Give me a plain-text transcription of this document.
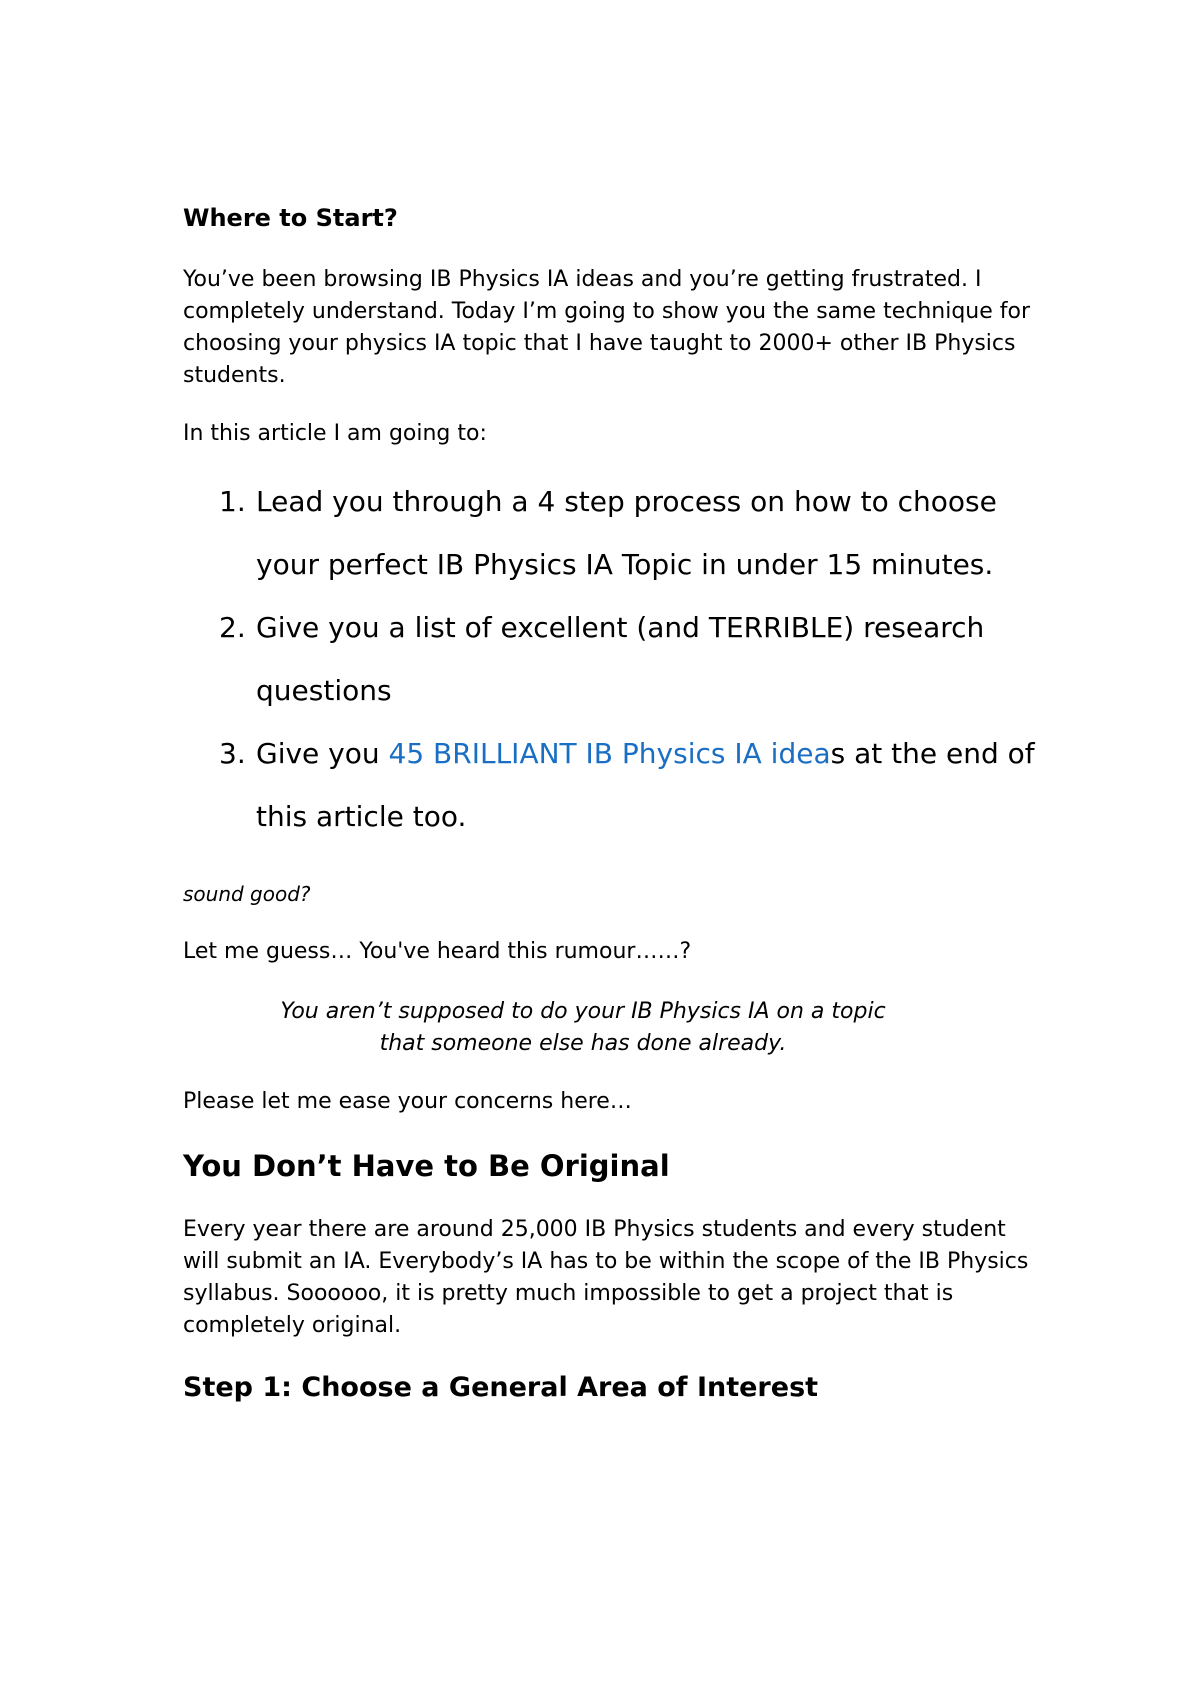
Where to Start?

You’ve been browsing IB Physics IA ideas and you’re getting frustrated. I completely understand. Today I’m going to show you the same technique for choosing your physics IA topic that I have taught to 2000+ other IB Physics students.

In this article I am going to:

1. Lead you through a 4 step process on how to choose your perfect IB Physics IA Topic in under 15 minutes.
2. Give you a list of excellent (and TERRIBLE) research questions
3. Give you 45 BRILLIANT IB Physics IA ideas at the end of this article too.

sound good?

Let me guess… You've heard this rumour……?

You aren’t supposed to do your IB Physics IA on a topic
that someone else has done already.

Please let me ease your concerns here…

You Don’t Have to Be Original

Every year there are around 25,000 IB Physics students and every student will submit an IA. Everybody’s IA has to be within the scope of the IB Physics syllabus. Soooooo, it is pretty much impossible to get a project that is completely original.

Step 1: Choose a General Area of Interest
